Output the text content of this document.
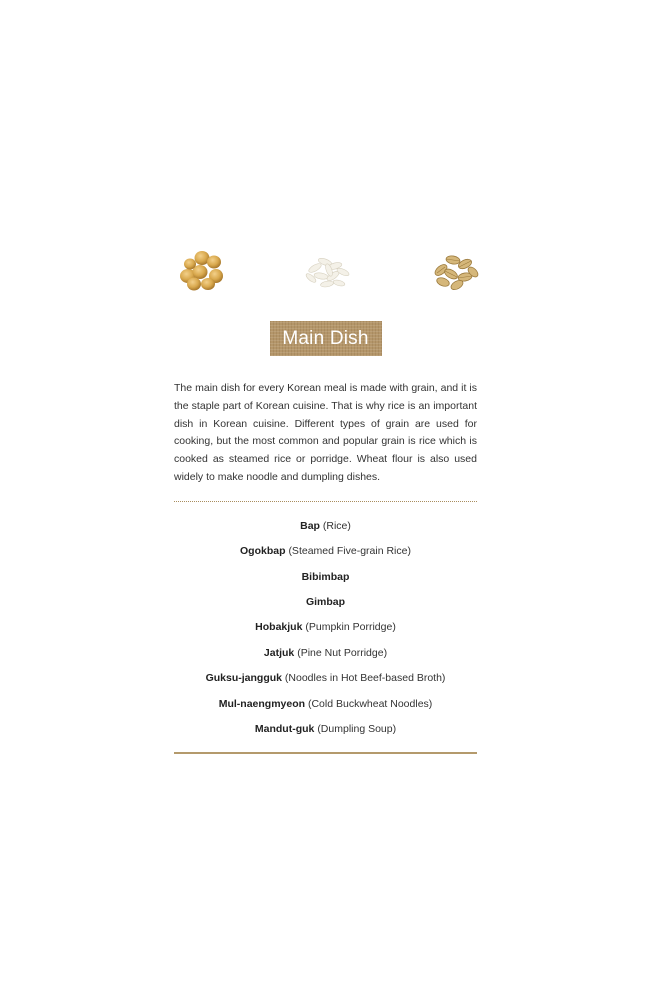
Main Dish

The main dish for every Korean meal is made with grain, and it is the staple part of Korean cuisine. That is why rice is an important dish in Korean cuisine. Different types of grain are used for cooking, but the most common and popular grain is rice which is cooked as steamed rice or porridge. Wheat flour is also used widely to make noodle and dumpling dishes.

Bap (Rice)
Ogokbap (Steamed Five-grain Rice)
Bibimbap
Gimbap
Hobakjuk (Pumpkin Porridge)
Jatjuk (Pine Nut Porridge)
Guksu-jangguk (Noodles in Hot Beef-based Broth)
Mul-naengmyeon (Cold Buckwheat Noodles)
Mandut-guk (Dumpling Soup)
